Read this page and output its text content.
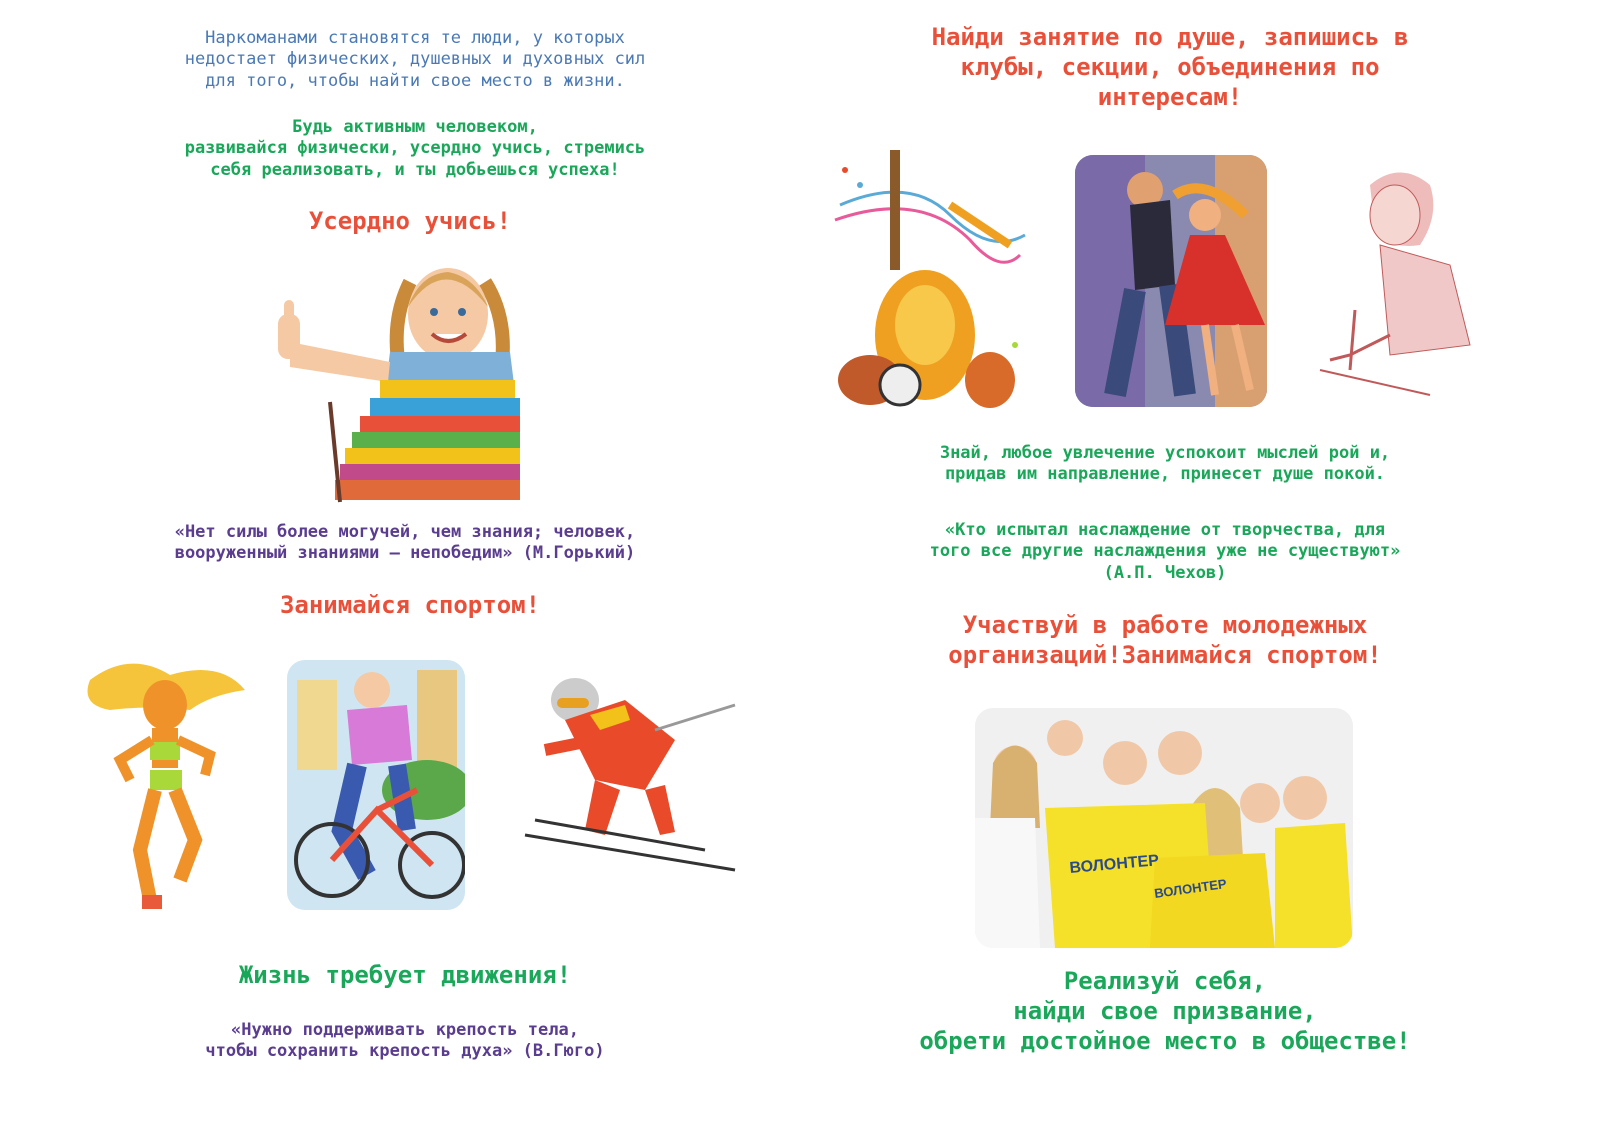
Наркоманами становятся те люди, у которых
недостает физических, душевных и духовных сил
для того, чтобы найти свое место в жизни.
Будь активным человеком,
развивайся физически, усердно учись, стремись
себя реализовать, и ты добьешься успеха!
Усердно учись!
«Нет силы более могучей, чем знания; человек,
вооруженный знаниями – непобедим» (М.Горький)
Занимайся спортом!
Жизнь требует движения!
«Нужно поддерживать крепость тела,
чтобы сохранить крепость духа» (В.Гюго)
Найди занятие по душе, запишись в
клубы, секции, объединения по
интересам!
Знай, любое увлечение успокоит мыслей рой и,
придав им направление, принесет душе покой.
«Кто испытал наслаждение от творчества, для
того все другие наслаждения уже не существуют»
(А.П. Чехов)
Участвуй в работе молодежных
организаций!Занимайся спортом!
ВОЛОНТЕР
ВОЛОНТЕР
Реализуй себя,
найди свое призвание,
обрети достойное место в обществе!
